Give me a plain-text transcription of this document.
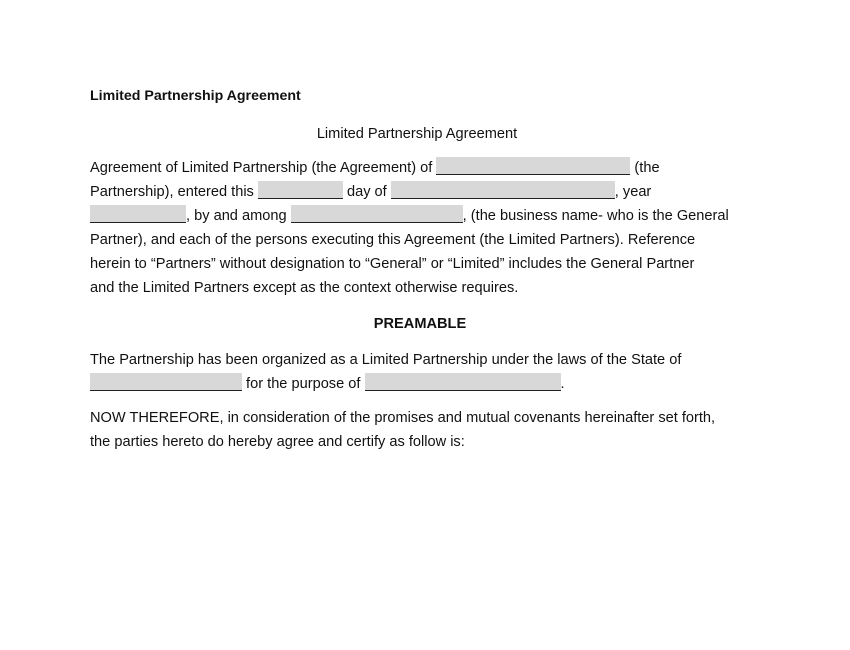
Limited Partnership Agreement
Limited Partnership Agreement

Agreement of Limited Partnership (the Agreement) of	(the
Partnership), entered this	day of	, year
, by and among	, (the business name- who is the General
Partner), and each of the persons executing this Agreement (the Limited Partners). Reference
herein to “Partners” without designation to “General” or “Limited” includes the General Partner
and the Limited Partners except as the context otherwise requires.

PREAMABLE

The Partnership has been organized as a Limited Partnership under the laws of the State of
for the purpose of	.

NOW THEREFORE, in consideration of the promises and mutual covenants hereinafter set forth,
the parties hereto do hereby agree and certify as follow is:
